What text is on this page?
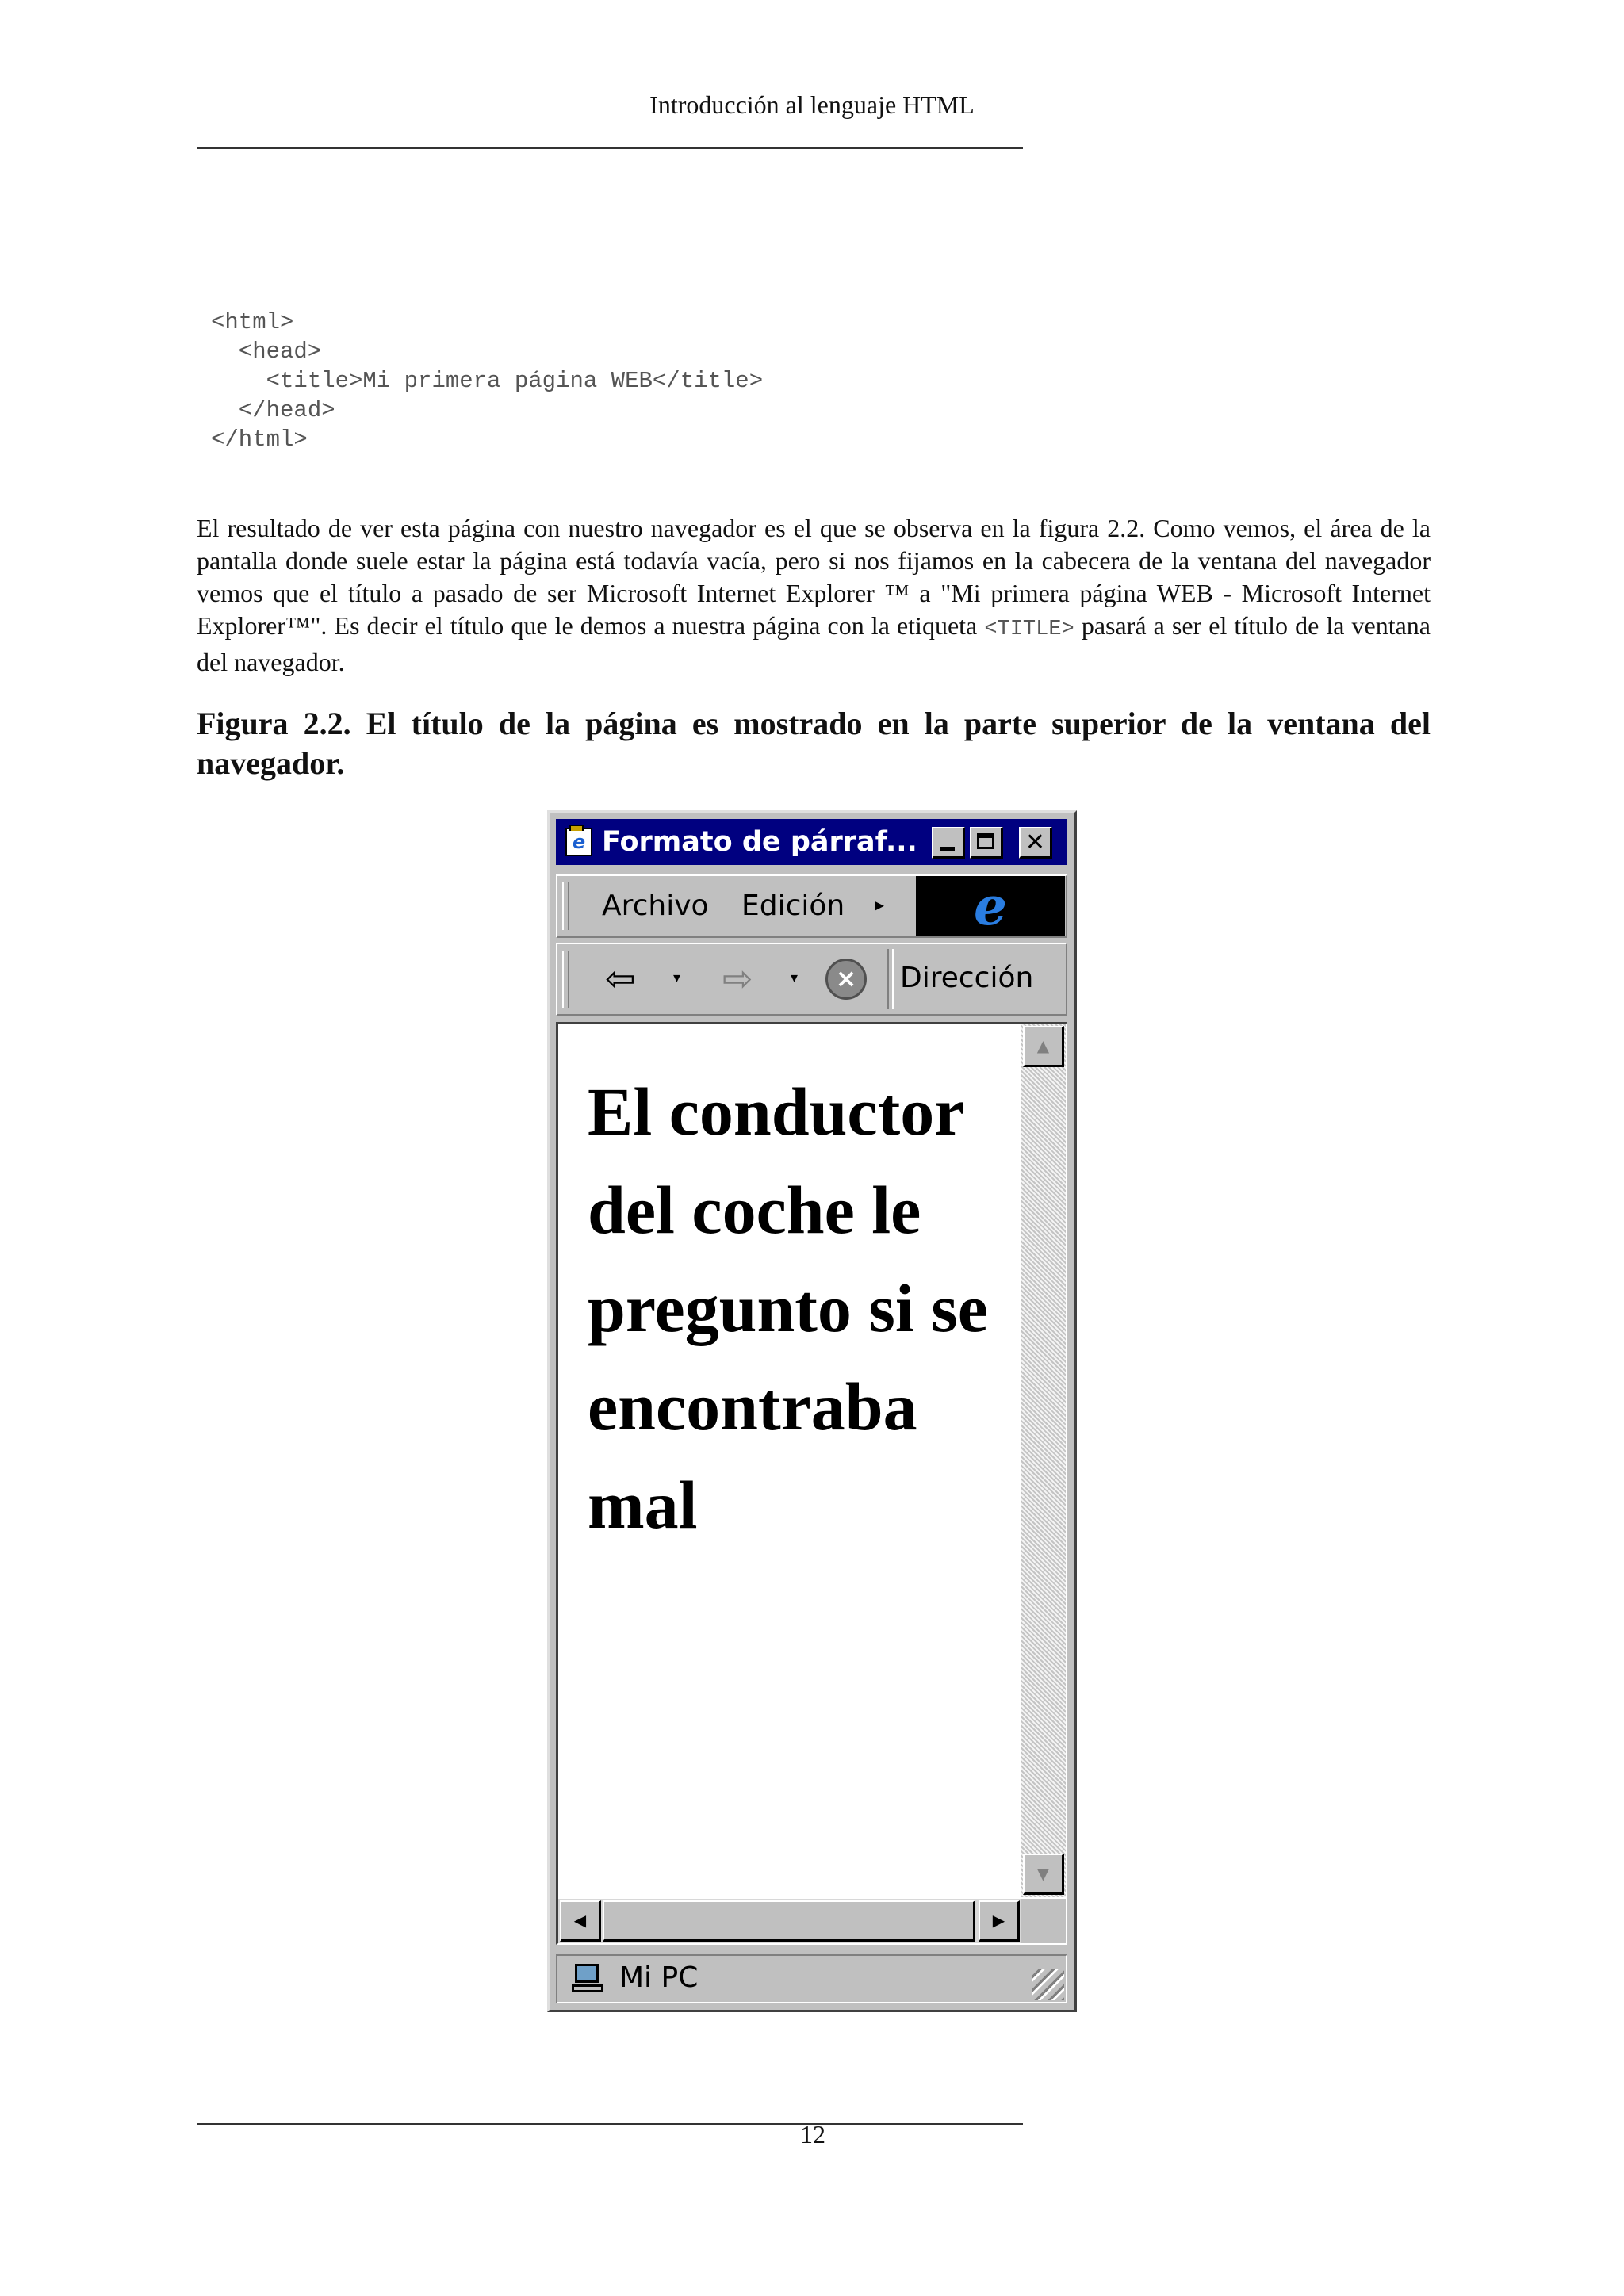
Introducción al lenguaje HTML
<html>
<head>
<title>Mi primera página WEB</title>
</head>
</html>

El resultado de ver esta página con nuestro navegador es el que se observa en la figura 2.2. Como vemos, el área de la pantalla donde suele estar la página está todavía vacía, pero si nos fijamos en la cabecera de la ventana del navegador vemos que el título a pasado de ser Microsoft Internet Explorer ™ a "Mi primera página WEB - Microsoft Internet Explorer™". Es decir el título que le demos a nuestra página con la etiqueta <TITLE> pasará a ser el título de la ventana del navegador.

Figura 2.2. El título de la página es mostrado en la parte superior de la ventana del navegador.
e Formato de párraf...	✕
Archivo Edición ▸	e
⇦	▾ ⇨	▾	×	Dirección
El conductor del coche le pregunto si se encontraba mal
▲
▼
◀	▶
Mi PC
12
